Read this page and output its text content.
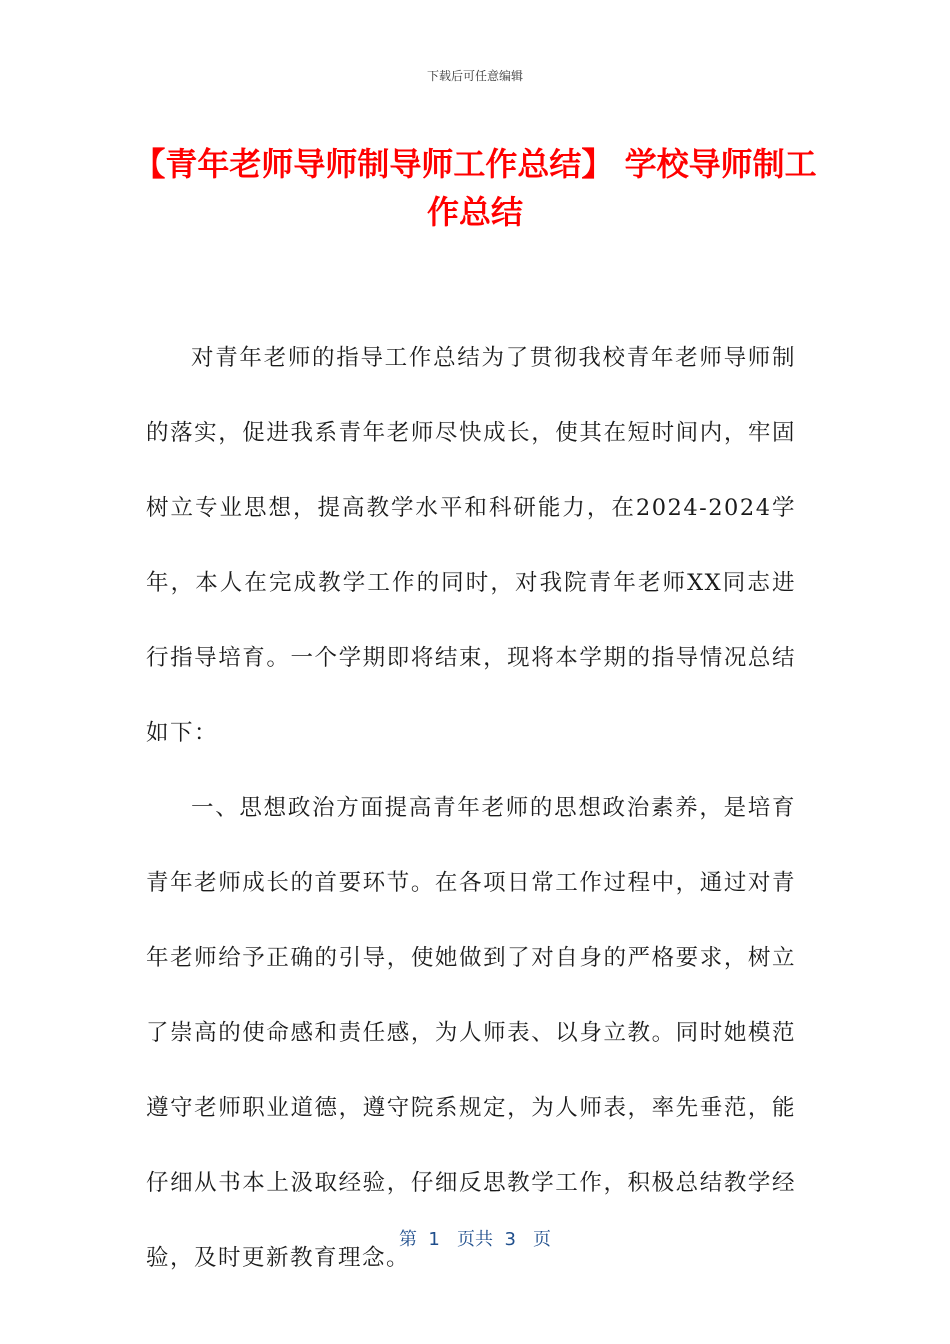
下载后可任意编辑
【青年老师导师制导师工作总结】 学校导师制工作总结

对青年老师的指导工作总结为了贯彻我校青年老师导师制的落实，促进我系青年老师尽快成长，使其在短时间内，牢固树立专业思想，提高教学水平和科研能力，在2024-2024学年，本人在完成教学工作的同时，对我院青年老师XX同志进行指导培育。一个学期即将结束，现将本学期的指导情况总结如下：

一、思想政治方面提高青年老师的思想政治素养，是培育青年老师成长的首要环节。在各项日常工作过程中，通过对青年老师给予正确的引导，使她做到了对自身的严格要求，树立了崇高的使命感和责任感，为人师表、以身立教。同时她模范遵守老师职业道德，遵守院系规定，为人师表，率先垂范，能仔细从书本上汲取经验，仔细反思教学工作，积极总结教学经验，及时更新教育理念。

第  1   页共  3   页
